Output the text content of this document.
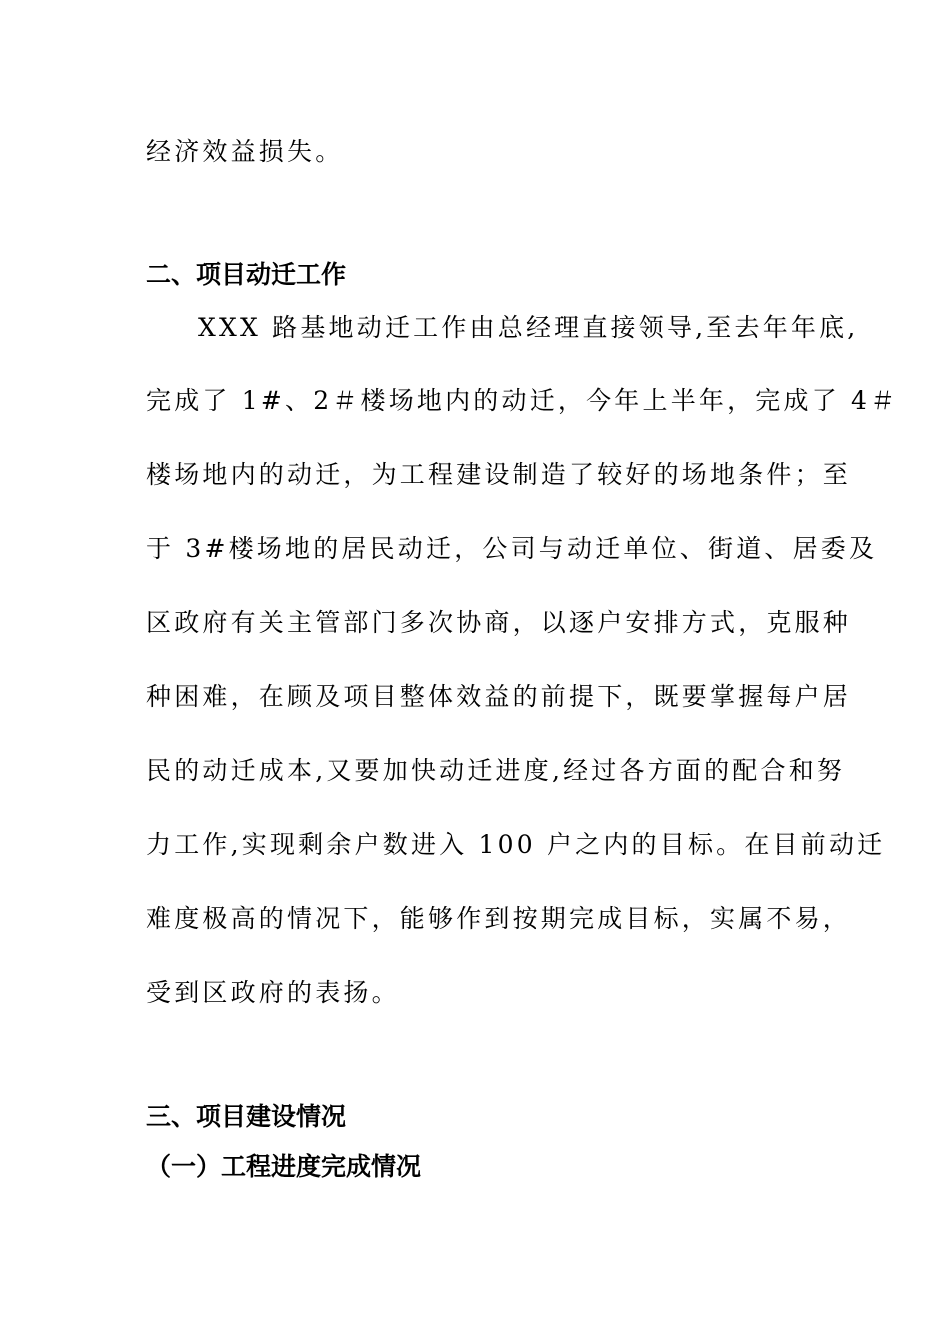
经济效益损失。
二、项目动迁工作
XXX 路基地动迁工作由总经理直接领导,至去年年底,
完成了 1#、2＃楼场地内的动迁，今年上半年，完成了 4＃
楼场地内的动迁，为工程建设制造了较好的场地条件；至
于 3#楼场地的居民动迁，公司与动迁单位、街道、居委及
区政府有关主管部门多次协商，以逐户安排方式，克服种
种困难，在顾及项目整体效益的前提下，既要掌握每户居
民的动迁成本,又要加快动迁进度,经过各方面的配合和努
力工作,实现剩余户数进入 100 户之内的目标。在目前动迁
难度极高的情况下，能够作到按期完成目标，实属不易，
受到区政府的表扬。
三、项目建设情况
（一）工程进度完成情况
